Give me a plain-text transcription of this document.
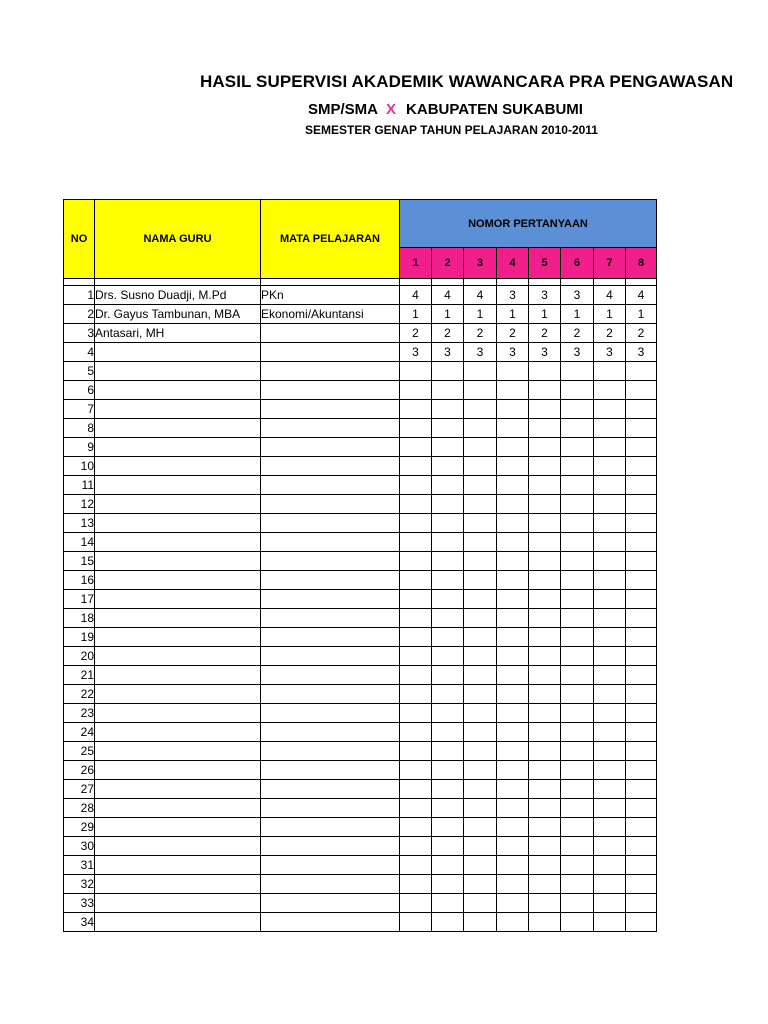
HASIL SUPERVISI AKADEMIK WAWANCARA PRA PENGAWASAN
SMP/SMA X KABUPATEN SUKABUMI
SEMESTER GENAP TAHUN PELAJARAN 2010-2011
NO	NAMA GURU	MATA PELAJARAN	NOMOR PERTANYAAN							
			1	2	3	4	5	6	7	8

1	Drs. Susno Duadji, M.Pd	PKn	4	4	4	3	3	3	4	4
2	Dr. Gayus Tambunan, MBA	Ekonomi/Akuntansi	1	1	1	1	1	1	1	1
3	Antasari, MH		2	2	2	2	2	2	2	2
4			3	3	3	3	3	3	3	3
5										
6										
7										
8										
9										
10										
11										
12										
13										
14										
15										
16										
17										
18										
19										
20										
21										
22										
23										
24										
25										
26										
27										
28										
29										
30										
31										
32										
33										
34										
